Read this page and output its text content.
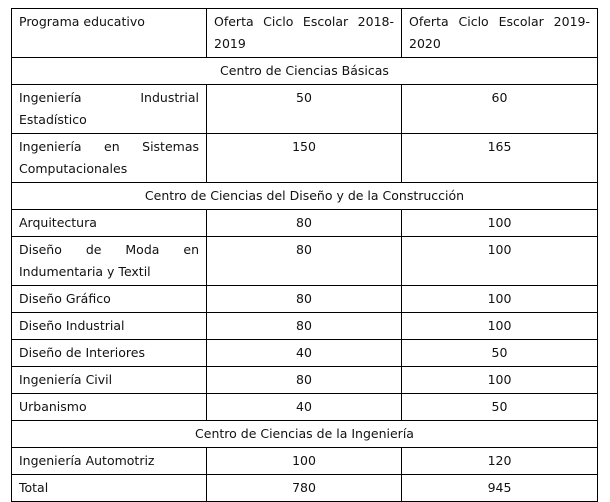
Programa educativo	Oferta Ciclo Escolar 2018-2019	Oferta Ciclo Escolar 2019-2020
Centro de Ciencias Básicas		
Ingeniería Industrial Estadístico	50	60
Ingeniería en Sistemas Computacionales	150	165
Centro de Ciencias del Diseño y de la Construcción		
Arquitectura	80	100
Diseño de Moda en Indumentaria y Textil	80	100
Diseño Gráfico	80	100
Diseño Industrial	80	100
Diseño de Interiores	40	50
Ingeniería Civil	80	100
Urbanismo	40	50
Centro de Ciencias de la Ingeniería		
Ingeniería Automotriz	100	120
Total	780	945
